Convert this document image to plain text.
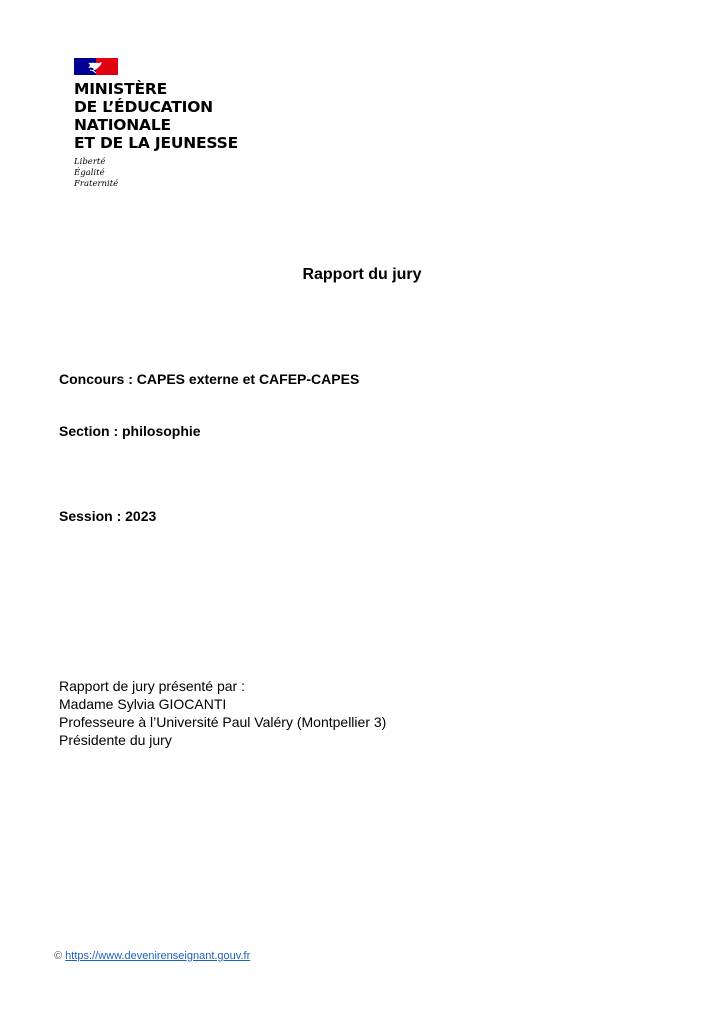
MINISTÈRE
DE L’ÉDUCATION
NATIONALE
ET DE LA JEUNESSE
Liberté
Égalité
Fraternité
Rapport du jury
Concours : CAPES externe et CAFEP-CAPES
Section : philosophie
Session : 2023
Rapport de jury présenté par :
Madame Sylvia GIOCANTI
Professeure à l’Université Paul Valéry (Montpellier 3)
Présidente du jury
© https://www.devenirenseignant.gouv.fr
